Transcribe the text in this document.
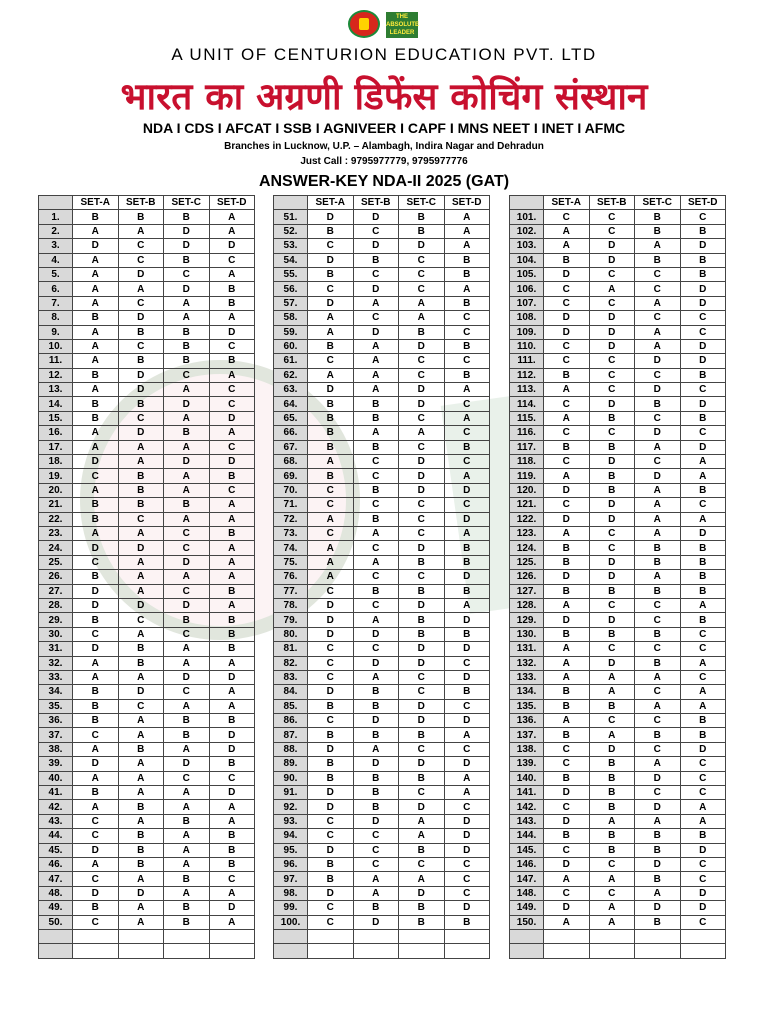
THE ABSOLUTE LEADER
A UNIT OF CENTURION EDUCATION PVT. LTD
भारत का अग्रणी डिफेंस कोचिंग संस्थान
NDA I CDS I AFCAT I SSB I AGNIVEER I CAPF I MNS NEET I INET I AFMC
Branches in Lucknow, U.P. – Alambagh, Indira Nagar and Dehradun
Just Call : 9795977779, 9795977776
ANSWER-KEY NDA-II 2025 (GAT)
	SET-A	SET-B	SET-C	SET-D
1.	B	B	B	A
2.	A	A	D	A
3.	D	C	D	D
4.	A	C	B	C
5.	A	D	C	A
6.	A	A	D	B
7.	A	C	A	B
8.	B	D	A	A
9.	A	B	B	D
10.	A	C	B	C
11.	A	B	B	B
12.	B	D	C	A
13.	A	D	A	C
14.	B	B	D	C
15.	B	C	A	D
16.	A	D	B	A
17.	A	A	A	C
18.	D	A	D	D
19.	C	B	A	B
20.	A	B	A	C
21.	B	B	B	A
22.	B	C	A	A
23.	A	A	C	B
24.	D	D	C	A
25.	C	A	D	A
26.	B	A	A	A
27.	D	A	C	B
28.	D	D	D	A
29.	B	C	B	B
30.	C	A	C	B
31.	D	B	A	B
32.	A	B	A	A
33.	A	A	D	D
34.	B	D	C	A
35.	B	C	A	A
36.	B	A	B	B
37.	C	A	B	D
38.	A	B	A	D
39.	D	A	D	B
40.	A	A	C	C
41.	B	A	A	D
42.	A	B	A	A
43.	C	A	B	A
44.	C	B	A	B
45.	D	B	A	B
46.	A	B	A	B
47.	C	A	B	C
48.	D	D	A	A
49.	B	A	B	D
50.	C	A	B	A

	SET-A	SET-B	SET-C	SET-D
51.	D	D	B	A
52.	B	C	B	A
53.	C	D	D	A
54.	D	B	C	B
55.	B	C	C	B
56.	C	D	C	A
57.	D	A	A	B
58.	A	C	A	C
59.	A	D	B	C
60.	B	A	D	B
61.	C	A	C	C
62.	A	A	C	B
63.	D	A	D	A
64.	B	B	D	C
65.	B	B	C	A
66.	B	A	A	C
67.	B	B	C	B
68.	A	C	D	C
69.	B	C	D	A
70.	C	B	D	D
71.	C	C	C	C
72.	A	B	C	D
73.	C	A	C	A
74.	A	C	D	B
75.	A	A	B	B
76.	A	C	C	D
77.	C	B	B	B
78.	D	C	D	A
79.	D	A	B	D
80.	D	D	B	B
81.	C	C	D	D
82.	C	D	D	C
83.	C	A	C	D
84.	D	B	C	B
85.	B	B	D	C
86.	C	D	D	D
87.	B	B	B	A
88.	D	A	C	C
89.	B	D	D	D
90.	B	B	B	A
91.	D	B	C	A
92.	D	B	D	C
93.	C	D	A	D
94.	C	C	A	D
95.	D	C	B	D
96.	B	C	C	C
97.	B	A	A	C
98.	D	A	D	C
99.	C	B	B	D
100.	C	D	B	B

	SET-A	SET-B	SET-C	SET-D
101.	C	C	B	C
102.	A	C	B	B
103.	A	D	A	D
104.	B	D	B	B
105.	D	C	C	B
106.	C	A	C	D
107.	C	C	A	D
108.	D	D	C	C
109.	D	D	A	C
110.	C	D	A	D
111.	C	C	D	D
112.	B	C	C	B
113.	A	C	D	C
114.	C	D	B	D
115.	A	B	C	B
116.	C	C	D	C
117.	B	B	A	D
118.	C	D	C	A
119.	A	B	D	A
120.	D	B	A	B
121.	C	D	A	C
122.	D	D	A	A
123.	A	C	A	D
124.	B	C	B	B
125.	B	D	B	B
126.	D	D	A	B
127.	B	B	B	B
128.	A	C	C	A
129.	D	D	C	B
130.	B	B	B	C
131.	A	C	C	C
132.	A	D	B	A
133.	A	A	A	C
134.	B	A	C	A
135.	B	B	A	A
136.	A	C	C	B
137.	B	A	B	B
138.	C	D	C	D
139.	C	B	A	C
140.	B	B	D	C
141.	D	B	C	C
142.	C	B	D	A
143.	D	A	A	A
144.	B	B	B	B
145.	C	B	B	D
146.	D	C	D	C
147.	A	A	B	C
148.	C	C	A	D
149.	D	A	D	D
150.	A	A	B	C
